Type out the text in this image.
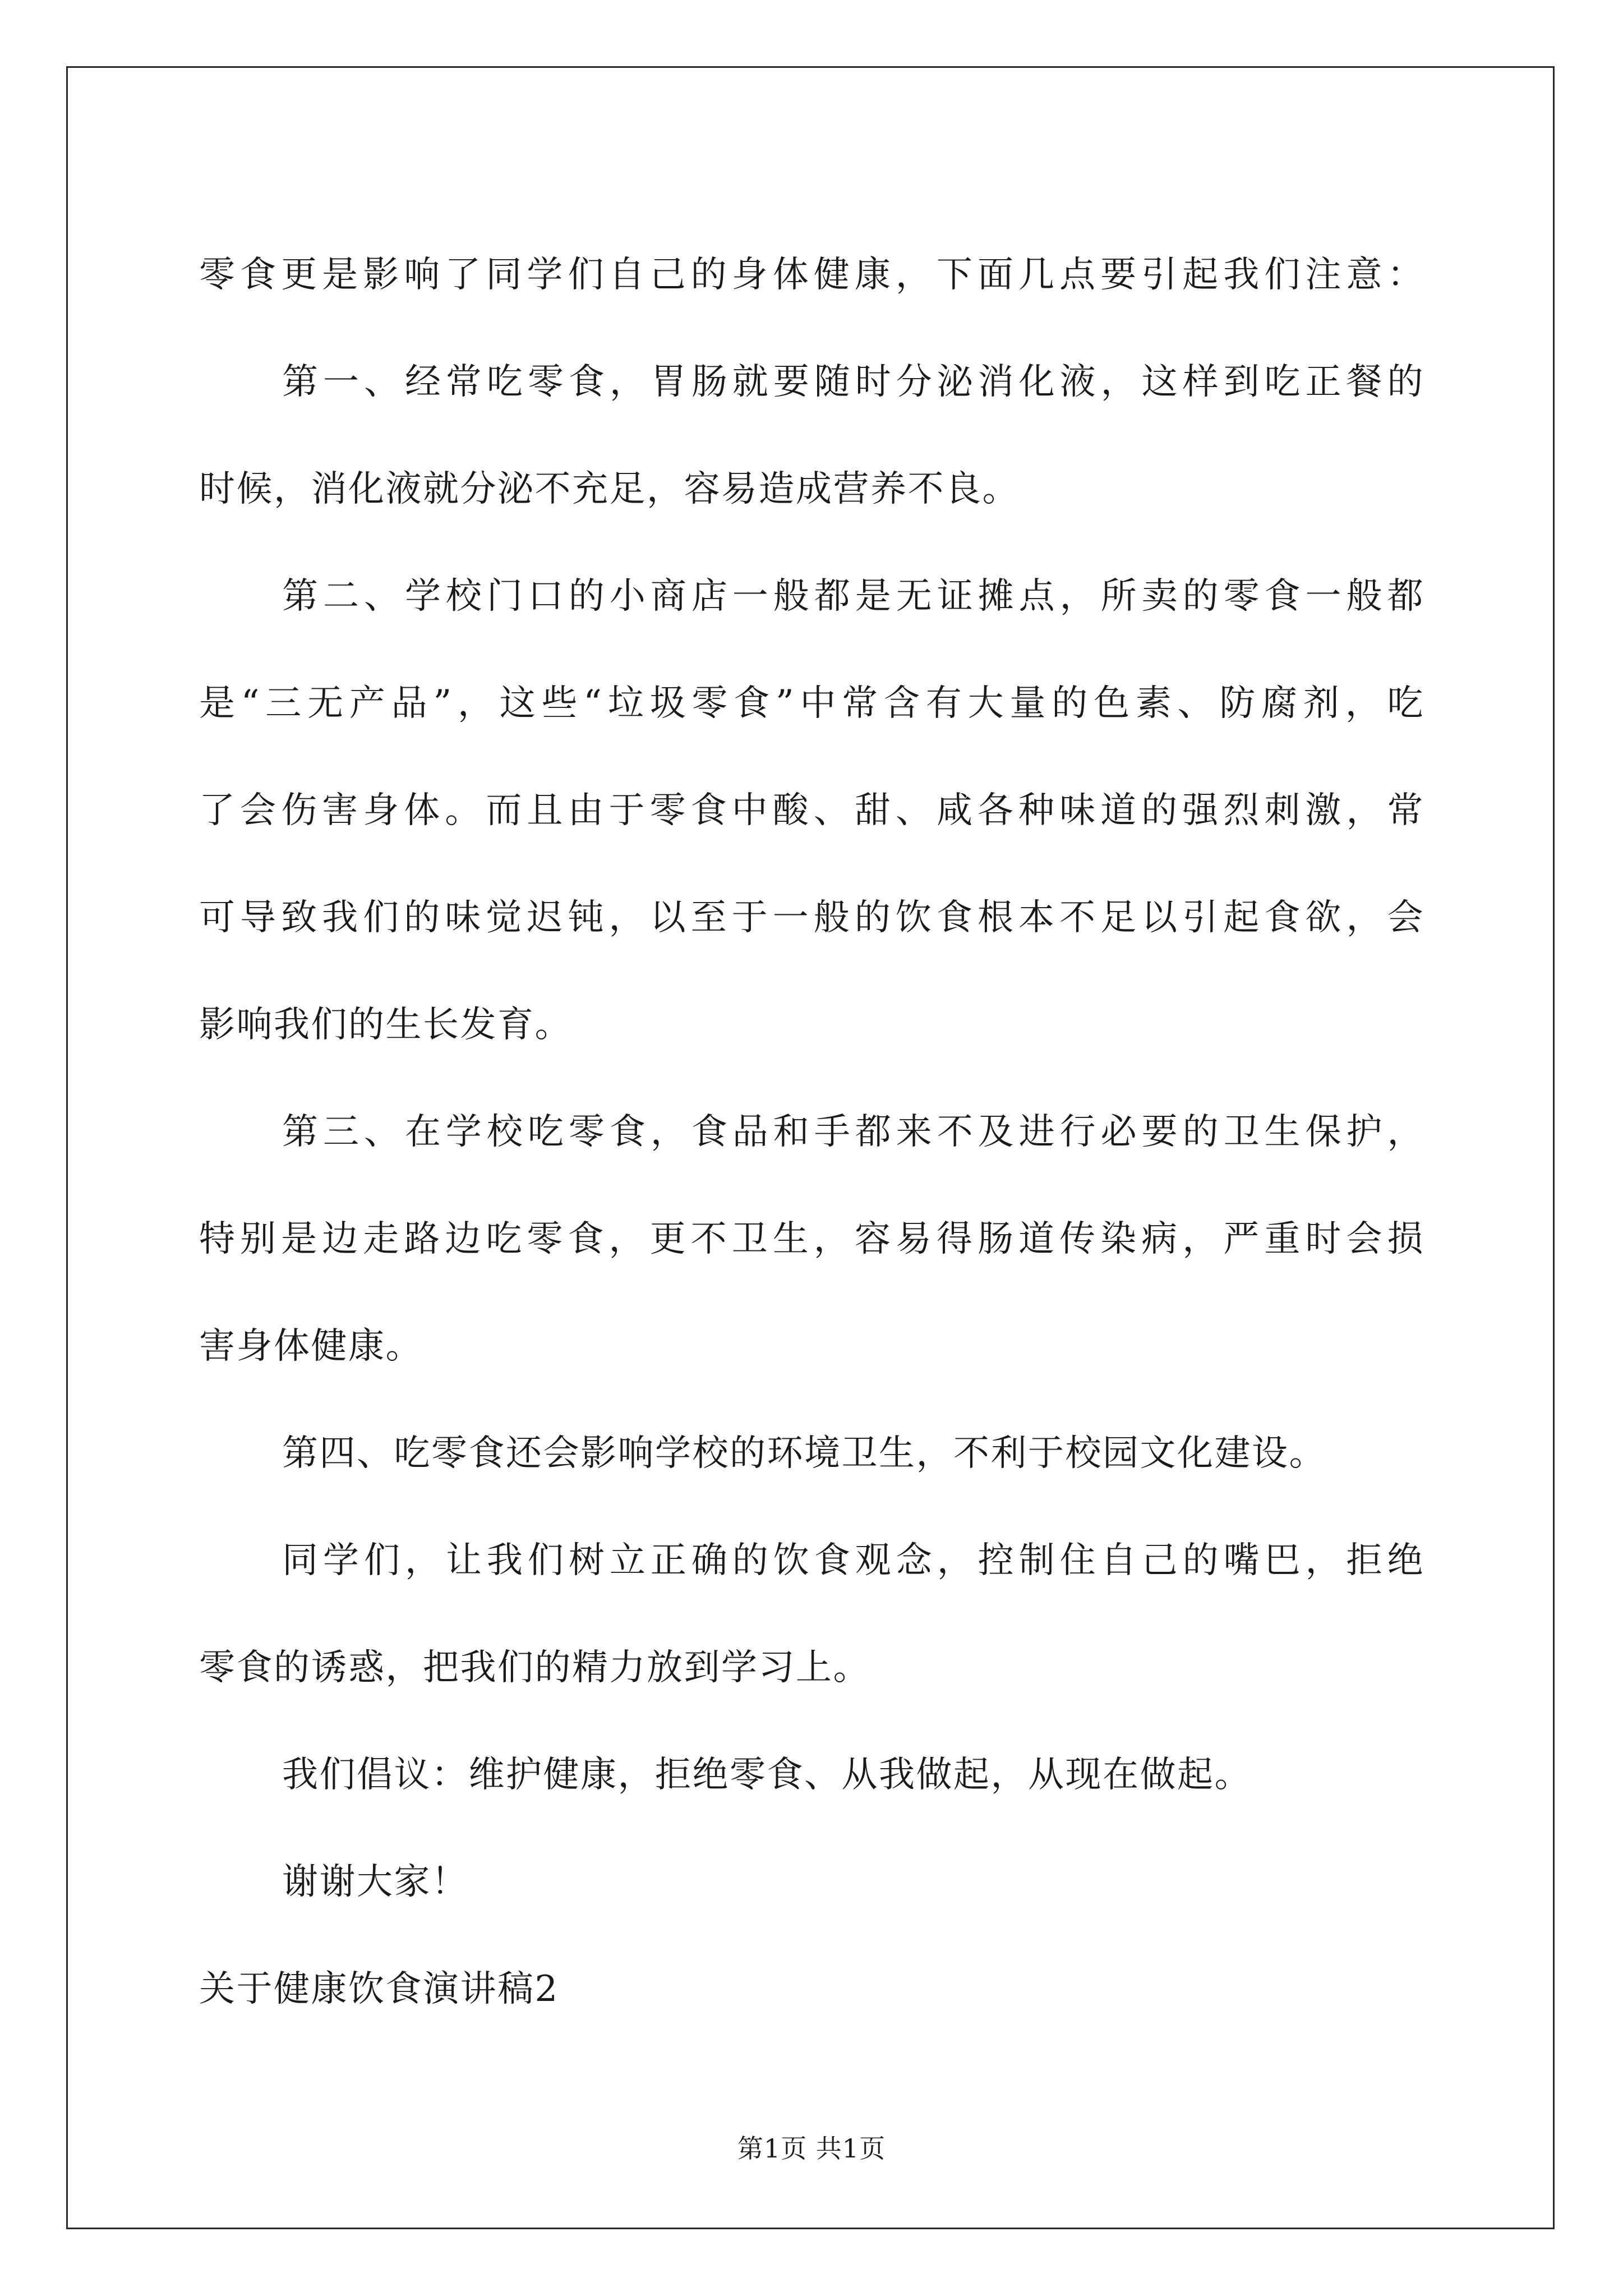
零食更是影响了同学们自己的身体健康，下面几点要引起我们注意：
第一、经常吃零食，胃肠就要随时分泌消化液，这样到吃正餐的
时候，消化液就分泌不充足，容易造成营养不良。
第二、学校门口的小商店一般都是无证摊点，所卖的零食一般都
是“三无产品”，这些“垃圾零食”中常含有大量的色素、防腐剂，吃
了会伤害身体。而且由于零食中酸、甜、咸各种味道的强烈刺激，常
可导致我们的味觉迟钝，以至于一般的饮食根本不足以引起食欲，会
影响我们的生长发育。
第三、在学校吃零食，食品和手都来不及进行必要的卫生保护，
特别是边走路边吃零食，更不卫生，容易得肠道传染病，严重时会损
害身体健康。
第四、吃零食还会影响学校的环境卫生，不利于校园文化建设。
同学们，让我们树立正确的饮食观念，控制住自己的嘴巴，拒绝
零食的诱惑，把我们的精力放到学习上。
我们倡议：维护健康，拒绝零食、从我做起，从现在做起。
谢谢大家！
关于健康饮食演讲稿2
第1页 共1页
